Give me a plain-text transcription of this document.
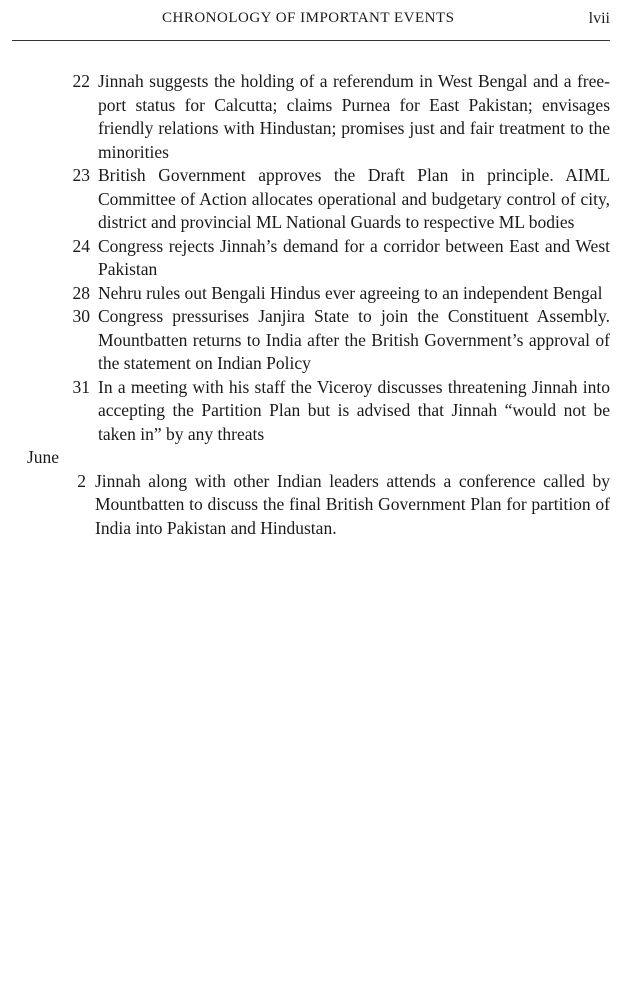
CHRONOLOGY OF IMPORTANT EVENTS	lvii
22 Jinnah suggests the holding of a referendum in West Bengal and a free-port status for Calcutta; claims Purnea for East Pakistan; envisages friendly relations with Hindustan; promises just and fair treatment to the minorities
23 British Government approves the Draft Plan in principle. AIML Committee of Action allocates operational and budgetary control of city, district and provincial ML National Guards to respective ML bodies
24 Congress rejects Jinnah’s demand for a corridor between East and West Pakistan
28 Nehru rules out Bengali Hindus ever agreeing to an independent Bengal
30 Congress pressurises Janjira State to join the Constituent Assembly. Mountbatten returns to India after the British Government’s approval of the statement on Indian Policy
31 In a meeting with his staff the Viceroy discusses threatening Jinnah into accepting the Partition Plan but is advised that Jinnah “would not be taken in” by any threats
June
2 Jinnah along with other Indian leaders attends a conference called by Mountbatten to discuss the final British Government Plan for partition of India into Pakistan and Hindustan.
